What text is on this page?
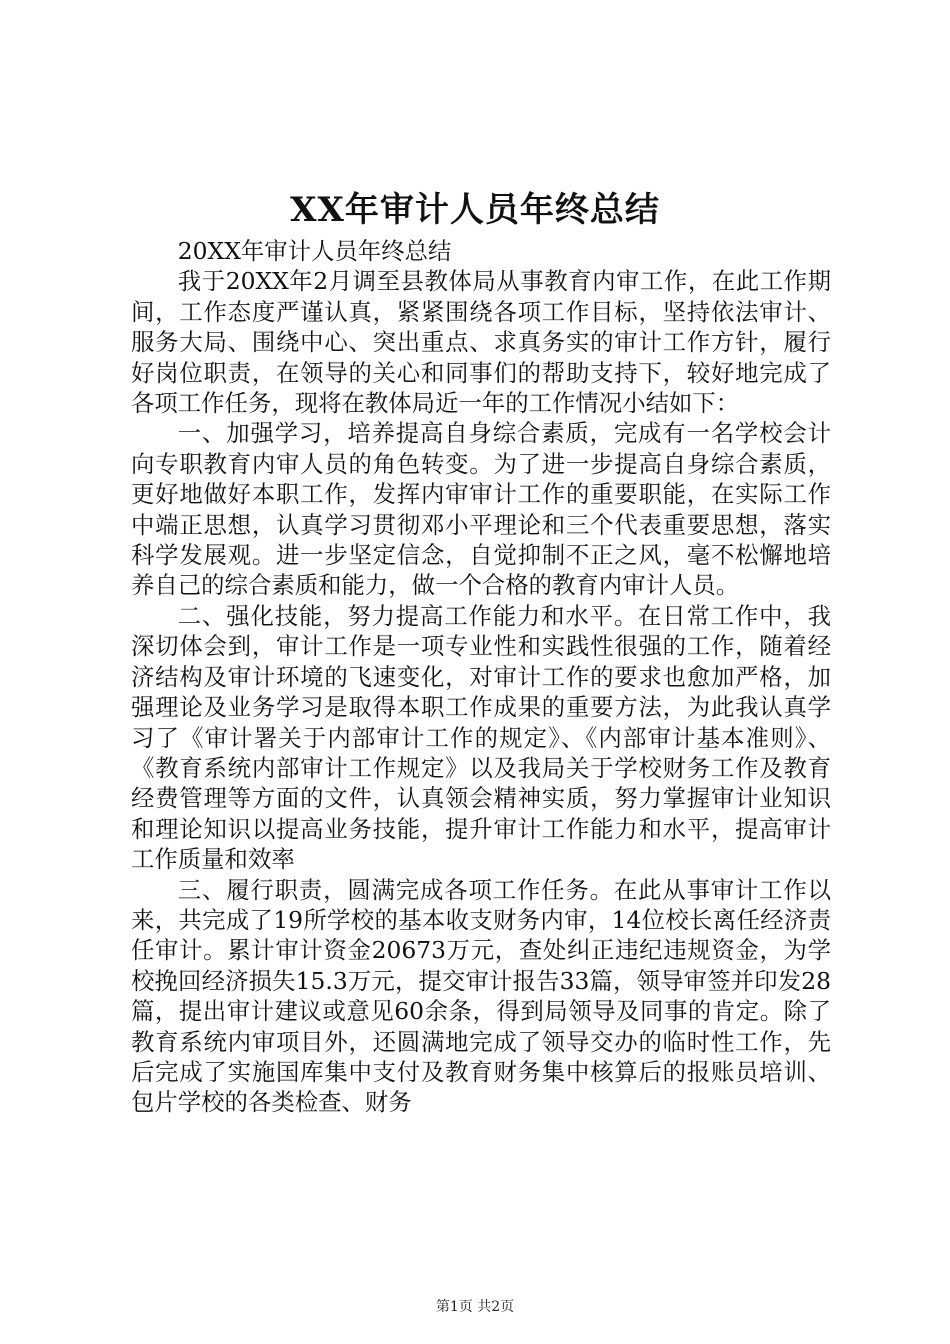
XX年审计人员年终总结

20XX年审计人员年终总结

我于20XX年2月调至县教体局从事教育内审工作，在此工作期间，工作态度严谨认真，紧紧围绕各项工作目标，坚持依法审计、服务大局、围绕中心、突出重点、求真务实的审计工作方针，履行好岗位职责，在领导的关心和同事们的帮助支持下，较好地完成了各项工作任务，现将在教体局近一年的工作情况小结如下：

一、加强学习，培养提高自身综合素质，完成有一名学校会计向专职教育内审人员的角色转变。为了进一步提高自身综合素质，更好地做好本职工作，发挥内审审计工作的重要职能，在实际工作中端正思想，认真学习贯彻邓小平理论和三个代表重要思想，落实科学发展观。进一步坚定信念，自觉抑制不正之风，毫不松懈地培养自己的综合素质和能力，做一个合格的教育内审计人员。

二、强化技能，努力提高工作能力和水平。在日常工作中，我深切体会到，审计工作是一项专业性和实践性很强的工作，随着经济结构及审计环境的飞速变化，对审计工作的要求也愈加严格，加强理论及业务学习是取得本职工作成果的重要方法，为此我认真学习了《审计署关于内部审计工作的规定》、《内部审计基本准则》、《教育系统内部审计工作规定》以及我局关于学校财务工作及教育经费管理等方面的文件，认真领会精神实质，努力掌握审计业知识和理论知识以提高业务技能，提升审计工作能力和水平，提高审计工作质量和效率

三、履行职责，圆满完成各项工作任务。在此从事审计工作以来，共完成了19所学校的基本收支财务内审，14位校长离任经济责任审计。累计审计资金20673万元，查处纠正违纪违规资金，为学校挽回经济损失15.3万元，提交审计报告33篇，领导审签并印发28篇，提出审计建议或意见60余条，得到局领导及同事的肯定。除了教育系统内审项目外，还圆满地完成了领导交办的临时性工作，先后完成了实施国库集中支付及教育财务集中核算后的报账员培训、包片学校的各类检查、财务

第1页 共2页
